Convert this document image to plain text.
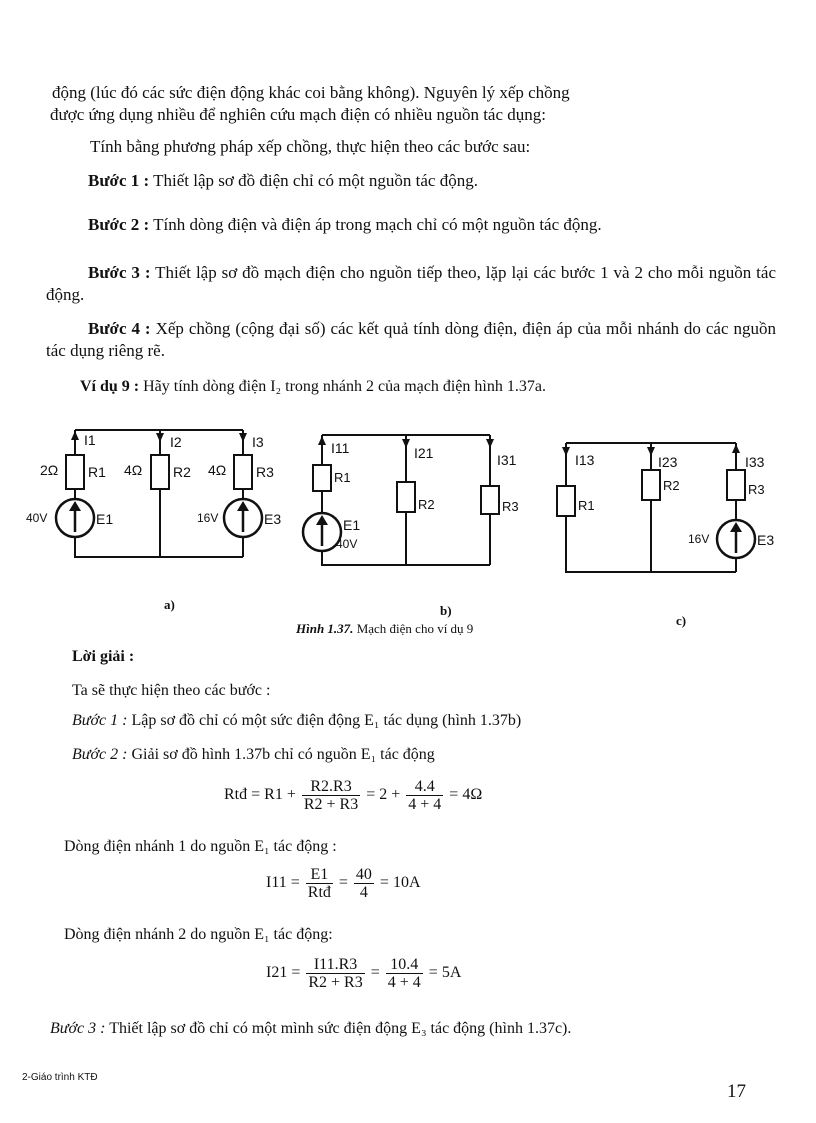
động (lúc đó các sức điện động khác coi bằng không). Nguyên lý xếp chồng
được ứng dụng nhiều để nghiên cứu mạch điện có nhiều nguồn tác dụng:
Tính bằng phương pháp xếp chồng, thực hiện theo các bước sau:
Bước 1 : Thiết lập sơ đồ điện chỉ có một nguồn tác động.
Bước 2 : Tính dòng điện và điện áp trong mạch chỉ có một nguồn tác động.
Bước 3 : Thiết lập sơ đồ mạch điện cho nguồn tiếp theo, lặp lại các bước 1 và 2 cho mỗi nguồn tác động.
Bước 4 : Xếp chồng (cộng đại số) các kết quả tính dòng điện, điện áp của mỗi nhánh do các nguồn tác dụng riêng rẽ.
Ví dụ 9 : Hãy tính dòng điện I₂ trong nhánh 2 của mạch điện hình 1.37a.
I1	I2	I3
R1	R2	R3
2Ω	4Ω	4Ω
40V	E1	16V	E3
I11	I21	I31
R1
R2	R3
E1
40V
I13	I23	I33
R1
R2	R3
16V	E3
a)	b)
c)
Hình 1.37. Mạch điện cho ví dụ 9
Lời giải :
Ta sẽ thực hiện theo các bước :
Bước 1 : Lập sơ đồ chỉ có một sức điện động E₁ tác dụng (hình 1.37b)
Bước 2 : Giải sơ đồ hình 1.37b chỉ có nguồn E₁ tác động
Rtđ = $R1 + \frac{R2.R3}{R2 + R3} = 2 + \frac{4.4}{4 + 4} = 4\Omega$
Dòng điện nhánh 1 do nguồn E₁ tác động :
$I11 = \frac{E1}{\text{Rtđ}} = \frac{40}{4} = 10A$
Dòng điện nhánh 2 do nguồn E₁ tác động:
$I21 = \frac{I11.R3}{R2 + R3} = \frac{10.4}{4 + 4} = 5A$
Bước 3 : Thiết lập sơ đồ chỉ có một mình sức điện động E₃ tác động (hình 1.37c).
2-Giáo trình KTĐ
17
